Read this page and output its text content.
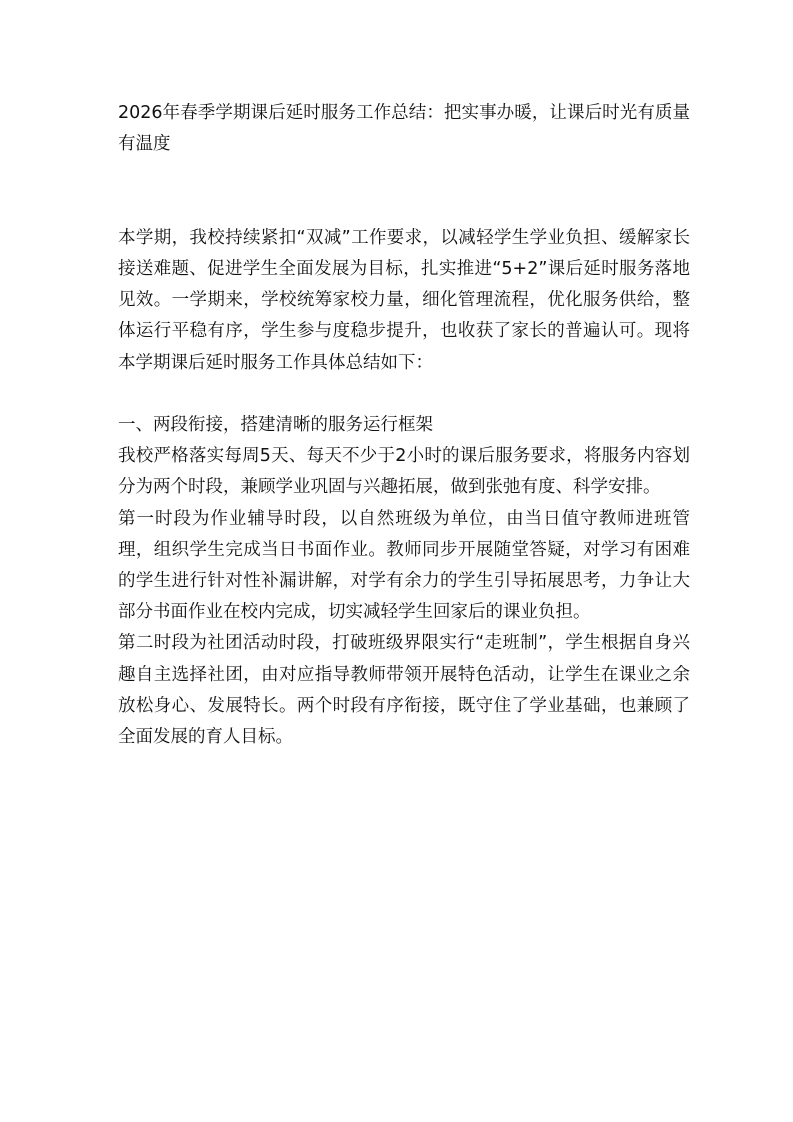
2026年春季学期课后延时服务工作总结：把实事办暖，让课后时光有质量有温度

本学期，我校持续紧扣“双减”工作要求，以减轻学生学业负担、缓解家长接送难题、促进学生全面发展为目标，扎实推进“5+2”课后延时服务落地见效。一学期来，学校统筹家校力量，细化管理流程，优化服务供给，整体运行平稳有序，学生参与度稳步提升，也收获了家长的普遍认可。现将本学期课后延时服务工作具体总结如下：

一、两段衔接，搭建清晰的服务运行框架

我校严格落实每周5天、每天不少于2小时的课后服务要求，将服务内容划分为两个时段，兼顾学业巩固与兴趣拓展，做到张弛有度、科学安排。

第一时段为作业辅导时段，以自然班级为单位，由当日值守教师进班管理，组织学生完成当日书面作业。教师同步开展随堂答疑，对学习有困难的学生进行针对性补漏讲解，对学有余力的学生引导拓展思考，力争让大部分书面作业在校内完成，切实减轻学生回家后的课业负担。

第二时段为社团活动时段，打破班级界限实行“走班制”，学生根据自身兴趣自主选择社团，由对应指导教师带领开展特色活动，让学生在课业之余放松身心、发展特长。两个时段有序衔接，既守住了学业基础，也兼顾了全面发展的育人目标。
